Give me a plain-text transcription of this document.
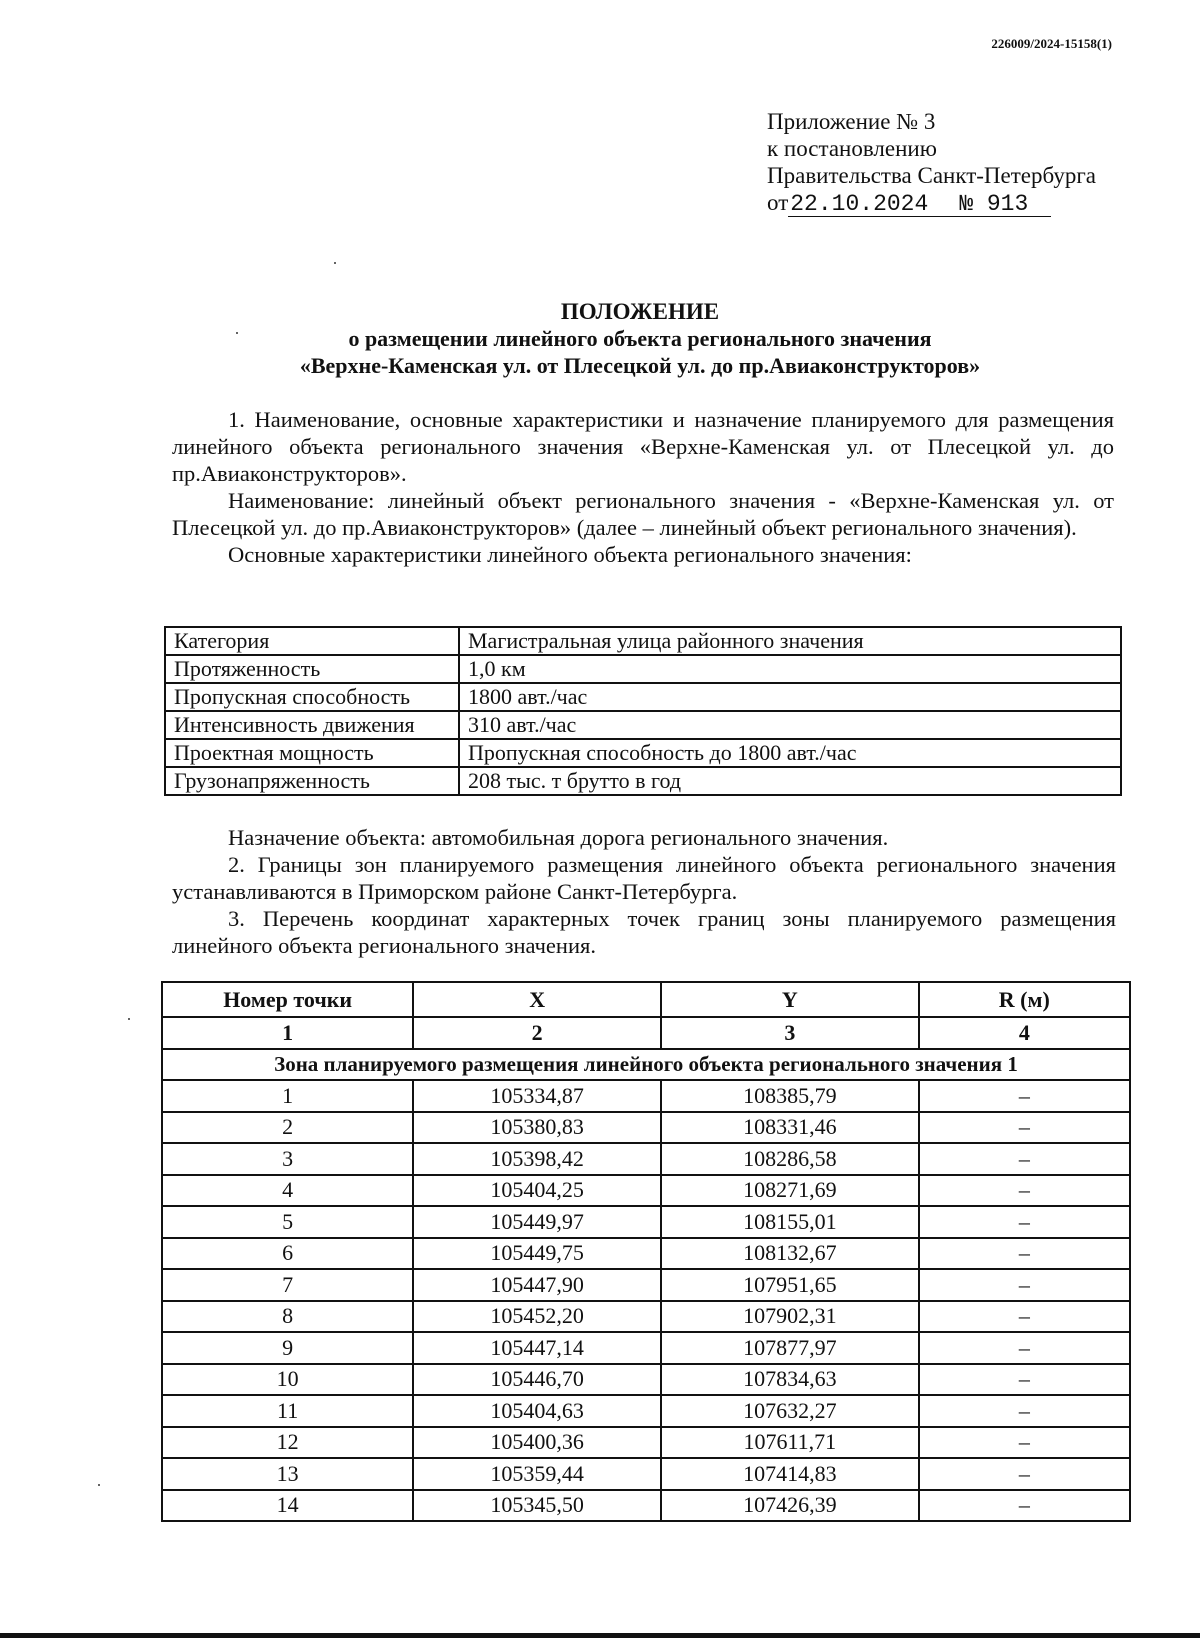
226009/2024-15158(1)
Приложение № 3
к постановлению
Правительства Санкт-Петербурга
от22.10.2024 № 913
ПОЛОЖЕНИЕ
о размещении линейного объекта регионального значения
«Верхне-Каменская ул. от Плесецкой ул. до пр.Авиаконструкторов»

1. Наименование, основные характеристики и назначение планируемого для размещения линейного объекта регионального значения «Верхне-Каменская ул. от Плесецкой ул. до пр.Авиаконструкторов».

Наименование: линейный объект регионального значения - «Верхне-Каменская ул. от Плесецкой ул. до пр.Авиаконструкторов» (далее – линейный объект регионального значения).

Основные характеристики линейного объекта регионального значения:

Категория	Магистральная улица районного значения
Протяженность	1,0 км
Пропускная способность	1800 авт./час
Интенсивность движения	310 авт./час
Проектная мощность	Пропускная способность до 1800 авт./час
Грузонапряженность	208 тыс. т брутто в год

Назначение объекта: автомобильная дорога регионального значения.

2. Границы зон планируемого размещения линейного объекта регионального значения устанавливаются в Приморском районе Санкт-Петербурга.

3. Перечень координат характерных точек границ зоны планируемого размещения линейного объекта регионального значения.

Номер точки	X	Y	R (м)
1	2	3	4
Зона планируемого размещения линейного объекта регионального значения 1			
1	105334,87	108385,79	–
2	105380,83	108331,46	–
3	105398,42	108286,58	–
4	105404,25	108271,69	–
5	105449,97	108155,01	–
6	105449,75	108132,67	–
7	105447,90	107951,65	–
8	105452,20	107902,31	–
9	105447,14	107877,97	–
10	105446,70	107834,63	–
11	105404,63	107632,27	–
12	105400,36	107611,71	–
13	105359,44	107414,83	–
14	105345,50	107426,39	–
